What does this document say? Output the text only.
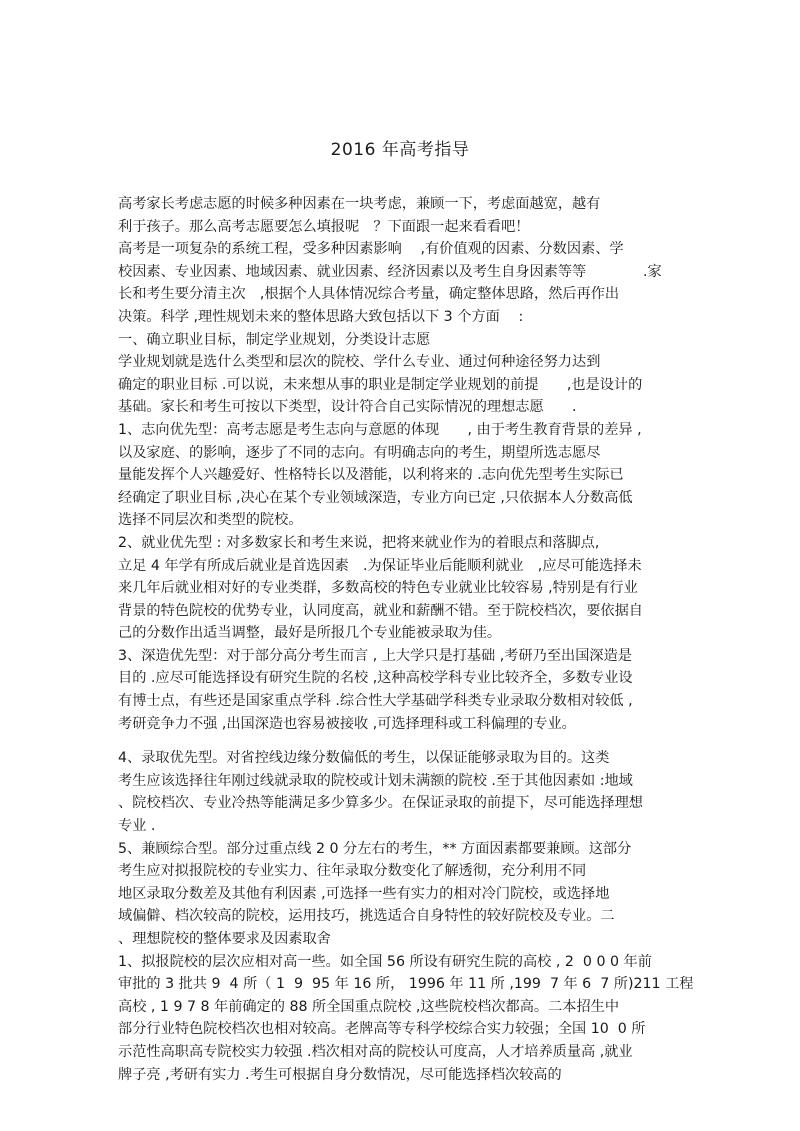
2016 年高考指导
高考家长考虑志愿的时候多种因素在一块考虑，兼顾一下，考虑面越宽，越有
利于孩子。那么高考志愿要怎么填报呢　？下面跟一起来看看吧！
高考是一项复杂的系统工程，受多种因素影响　 ,有价值观的因素、分数因素、学
校因素、专业因素、地域因素、就业因素、经济因素以及考生自身因素等等　　　　.家
长和考生要分清主次　,根据个人具体情况综合考量，确定整体思路，然后再作出
决策。科学 ,理性规划未来的整体思路大致包括以下 3 个方面　 :
一、确立职业目标，制定学业规划，分类设计志愿
学业规划就是选什么类型和层次的院校、学什么专业、通过何种途径努力达到
确定的职业目标 .可以说，未来想从事的职业是制定学业规划的前提　　,也是设计的
基础。家长和考生可按以下类型，设计符合自己实际情况的理想志愿　　.
1、志向优先型：高考志愿是考生志向与意愿的体现　　, 由于考生教育背景的差异 ,
以及家庭、的影响，逐步了不同的志向。有明确志向的考生，期望所选志愿尽
量能发挥个人兴趣爱好、性格特长以及潜能，以利将来的 .志向优先型考生实际已
经确定了职业目标 ,决心在某个专业领域深造，专业方向已定 ,只依据本人分数高低
选择不同层次和类型的院校。
2、就业优先型 : 对多数家长和考生来说，把将来就业作为的着眼点和落脚点,
立足 4 年学有所成后就业是首选因素　.为保证毕业后能顺利就业　,应尽可能选择未
来几年后就业相对好的专业类群，多数高校的特色专业就业比较容易 ,特别是有行业
背景的特色院校的优势专业，认同度高，就业和薪酬不错。至于院校档次，要依据自
己的分数作出适当调整，最好是所报几个专业能被录取为佳。
3、深造优先型：对于部分高分考生而言 , 上大学只是打基础 ,考研乃至出国深造是
目的 .应尽可能选择设有研究生院的名校 ,这种高校学科专业比较齐全，多数专业设
有博士点，有些还是国家重点学科 .综合性大学基础学科类专业录取分数相对较低 ,
考研竞争力不强 ,出国深造也容易被接收 ,可选择理科或工科偏理的专业。
4、录取优先型。对省控线边缘分数偏低的考生，以保证能够录取为目的。这类
考生应该选择往年刚过线就录取的院校或计划未满额的院校 .至于其他因素如 :地域
、院校档次、专业冷热等能满足多少算多少。在保证录取的前提下，尽可能选择理想
专业 .
5、兼顾综合型。部分过重点线 2 0 分左右的考生，** 方面因素都要兼顾。这部分
考生应对拟报院校的专业实力、往年录取分数变化了解透彻，充分利用不同
地区录取分数差及其他有利因素 ,可选择一些有实力的相对冷门院校，或选择地
域偏僻、档次较高的院校，运用技巧，挑选适合自身特性的较好院校及专业。二
、理想院校的整体要求及因素取舍
1、拟报院校的层次应相对高一些。如全国 56 所设有研究生院的高校 , 2  0 0 0 年前
审批的 3 批共 9  4 所（ 1  9  95 年 16 所， 1996 年 11 所 ,199  7 年 6  7 所)211 工程
高校 , 1 9 7 8 年前确定的 88 所全国重点院校 ,这些院校档次都高。二本招生中
部分行业特色院校档次也相对较高。老牌高等专科学校综合实力较强；全国 10  0 所
示范性高职高专院校实力较强 .档次相对高的院校认可度高，人才培养质量高 ,就业
牌子亮 ,考研有实力 .考生可根据自身分数情况，尽可能选择档次较高的
